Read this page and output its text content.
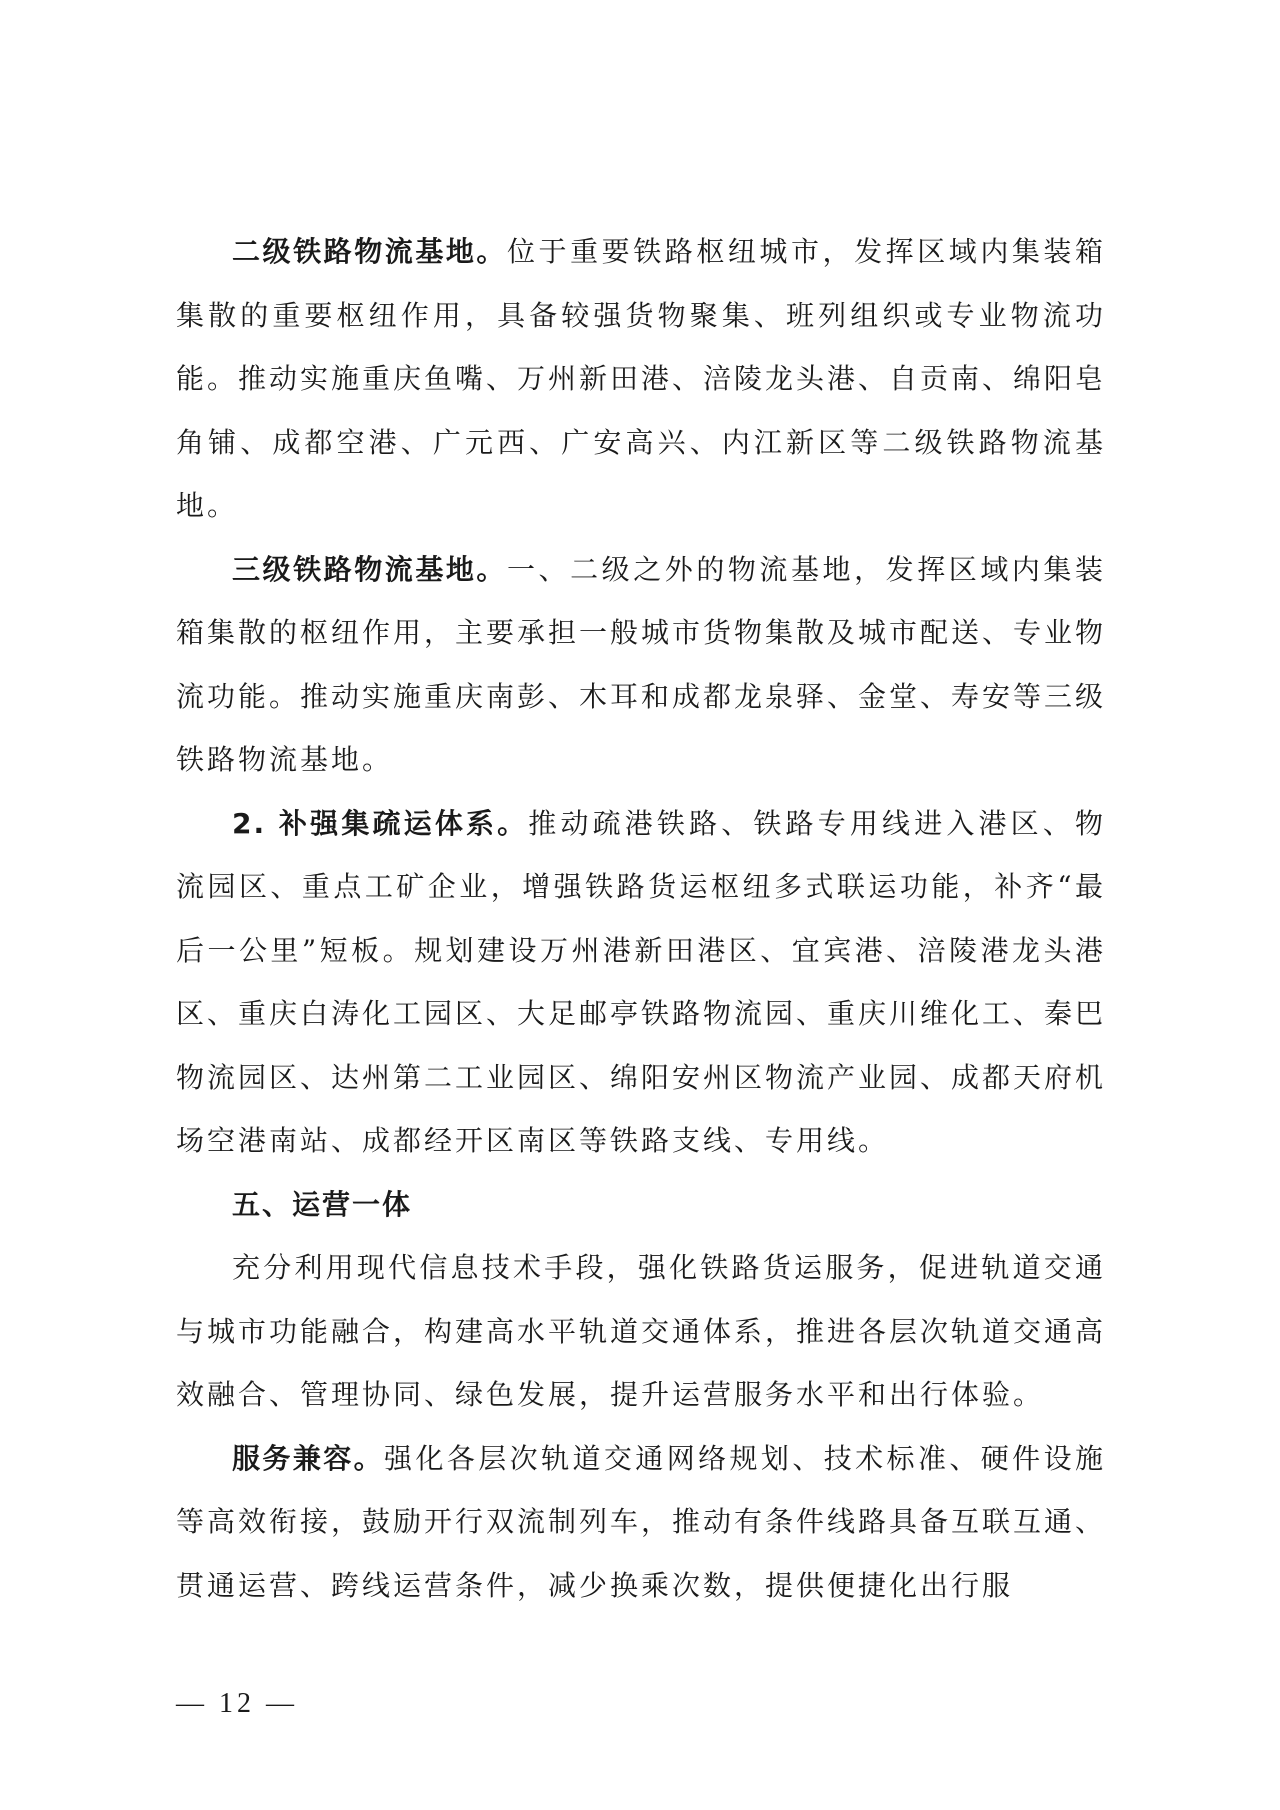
二级铁路物流基地。位于重要铁路枢纽城市，发挥区域内集装箱集散的重要枢纽作用，具备较强货物聚集、班列组织或专业物流功能。推动实施重庆鱼嘴、万州新田港、涪陵龙头港、自贡南、绵阳皂角铺、成都空港、广元西、广安高兴、内江新区等二级铁路物流基地。

三级铁路物流基地。一、二级之外的物流基地，发挥区域内集装箱集散的枢纽作用，主要承担一般城市货物集散及城市配送、专业物流功能。推动实施重庆南彭、木耳和成都龙泉驿、金堂、寿安等三级铁路物流基地。

2. 补强集疏运体系。推动疏港铁路、铁路专用线进入港区、物流园区、重点工矿企业，增强铁路货运枢纽多式联运功能，补齐“最后一公里”短板。规划建设万州港新田港区、宜宾港、涪陵港龙头港区、重庆白涛化工园区、大足邮亭铁路物流园、重庆川维化工、秦巴物流园区、达州第二工业园区、绵阳安州区物流产业园、成都天府机场空港南站、成都经开区南区等铁路支线、专用线。

五、运营一体

充分利用现代信息技术手段，强化铁路货运服务，促进轨道交通与城市功能融合，构建高水平轨道交通体系，推进各层次轨道交通高效融合、管理协同、绿色发展，提升运营服务水平和出行体验。

服务兼容。强化各层次轨道交通网络规划、技术标准、硬件设施等高效衔接，鼓励开行双流制列车，推动有条件线路具备互联互通、贯通运营、跨线运营条件，减少换乘次数，提供便捷化出行服

— 12 —
